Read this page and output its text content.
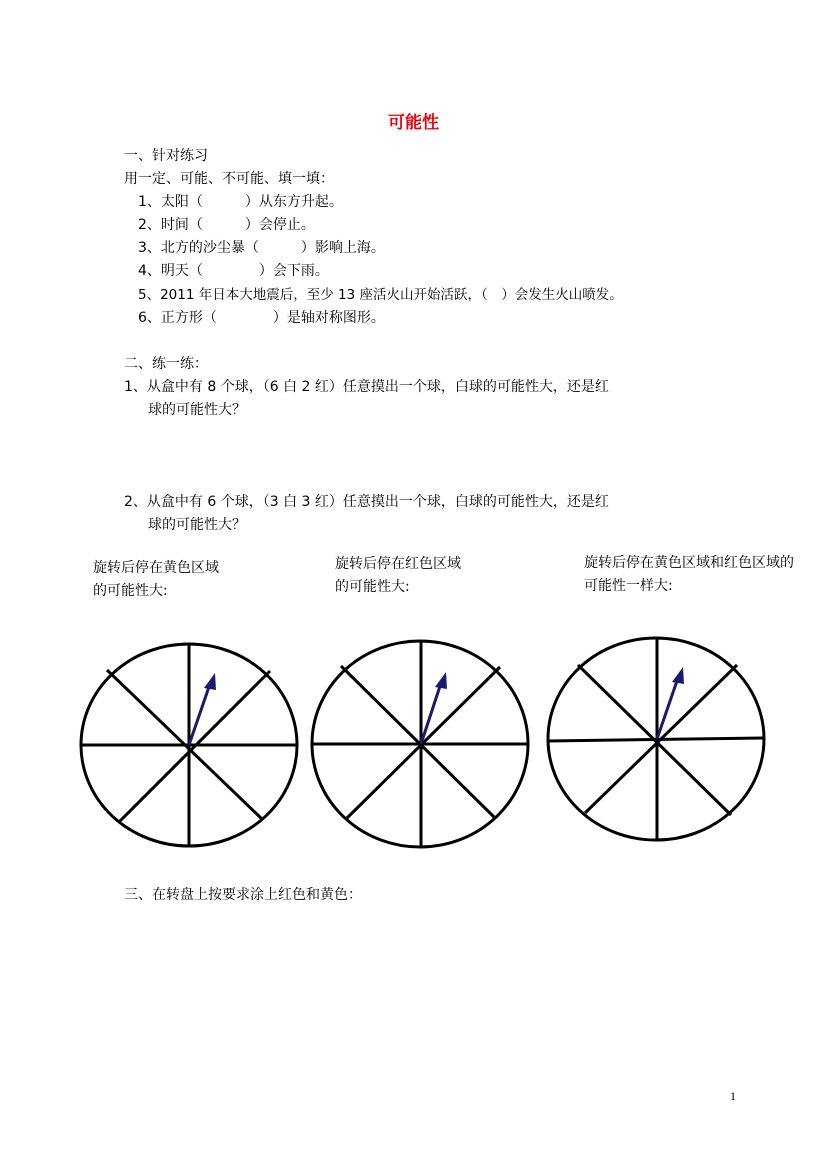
可能性
一、针对练习
用一定、可能、不可能、填一填：
1、太阳（　　　）从东方升起。
2、时间（　　　）会停止。
3、北方的沙尘暴（　　　）影响上海。
4、明天（　　　　）会下雨。
5、2011 年日本大地震后，至少 13 座活火山开始活跃，（　）会发生火山喷发。
6、正方形（　　　　）是轴对称图形。
二、练一练：
1、从盒中有 8 个球，（6 白 2 红）任意摸出一个球，白球的可能性大，还是红
球的可能性大？
2、从盒中有 6 个球，（3 白 3 红）任意摸出一个球，白球的可能性大，还是红
球的可能性大？
旋转后停在黄色区域
的可能性大:
旋转后停在红色区域
的可能性大:
旋转后停在黄色区域和红色区域的
可能性一样大:
三、在转盘上按要求涂上红色和黄色：
1
